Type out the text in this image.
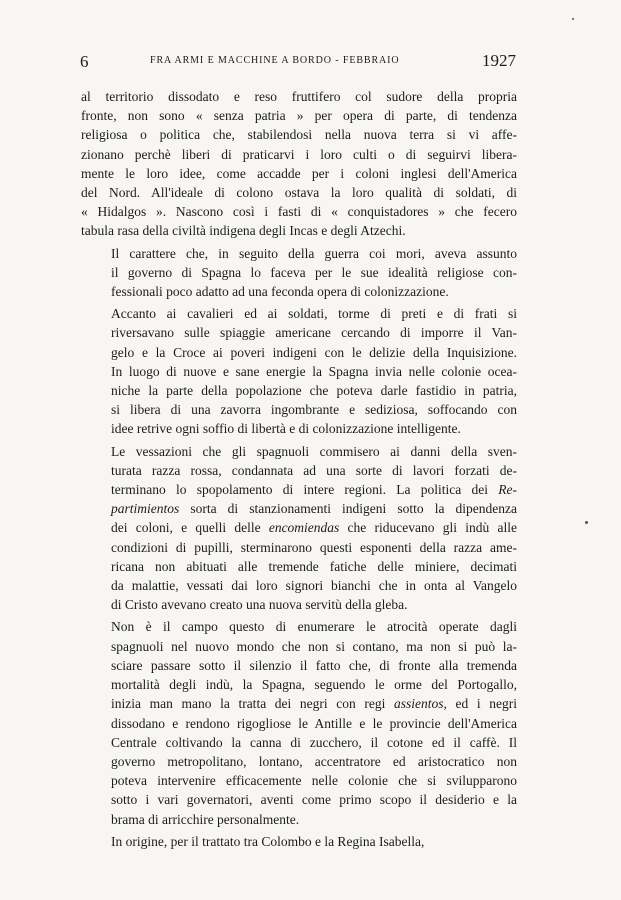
6	FRA ARMI E MACCHINE A BORDO - FEBBRAIO	1927
al territorio dissodato e reso fruttifero col sudore della propria
fronte, non sono « senza patria » per opera di parte, di tendenza
religiosa o politica che, stabilendosi nella nuova terra si vi affe-
zionano perchè liberi di praticarvi i loro culti o di seguirvi libera-
mente le loro idee, come accadde per i coloni inglesi dell'America
del Nord. All'ideale di colono ostava la loro qualità di soldati, di
« Hidalgos ». Nascono così i fasti di « conquistadores » che fecero
tabula rasa della civiltà indigena degli Incas e degli Atzechi.
Il carattere che, in seguito della guerra coi mori, aveva assunto
il governo di Spagna lo faceva per le sue idealità religiose con-
fessionali poco adatto ad una feconda opera di colonizzazione.
Accanto ai cavalieri ed ai soldati, torme di preti e di frati si
riversavano sulle spiaggie americane cercando di imporre il Van-
gelo e la Croce ai poveri indigeni con le delizie della Inquisizione.
In luogo di nuove e sane energie la Spagna invia nelle colonie ocea-
niche la parte della popolazione che poteva darle fastidio in patria,
si libera di una zavorra ingombrante e sediziosa, soffocando con
idee retrive ogni soffio di libertà e di colonizzazione intelligente.
Le vessazioni che gli spagnuoli commisero ai danni della sven-
turata razza rossa, condannata ad una sorte di lavori forzati de-
terminano lo spopolamento di intere regioni. La politica dei Re-
partimientos sorta di stanzionamenti indigeni sotto la dipendenza
dei coloni, e quelli delle encomiendas che riducevano gli indù alle
condizioni di pupilli, sterminarono questi esponenti della razza ame-
ricana non abituati alle tremende fatiche delle miniere, decimati
da malattie, vessati dai loro signori bianchi che in onta al Vangelo
di Cristo avevano creato una nuova servitù della gleba.
Non è il campo questo di enumerare le atrocità operate dagli
spagnuoli nel nuovo mondo che non si contano, ma non si può la-
sciare passare sotto il silenzio il fatto che, di fronte alla tremenda
mortalità degli indù, la Spagna, seguendo le orme del Portogallo,
inizia man mano la tratta dei negri con regi assientos, ed i negri
dissodano e rendono rigogliose le Antille e le provincie dell'America
Centrale coltivando la canna di zucchero, il cotone ed il caffè. Il
governo metropolitano, lontano, accentratore ed aristocratico non
poteva intervenire efficacemente nelle colonie che si svilupparono
sotto i vari governatori, aventi come primo scopo il desiderio e la
brama di arricchire personalmente.
In origine, per il trattato tra Colombo e la Regina Isabella,
